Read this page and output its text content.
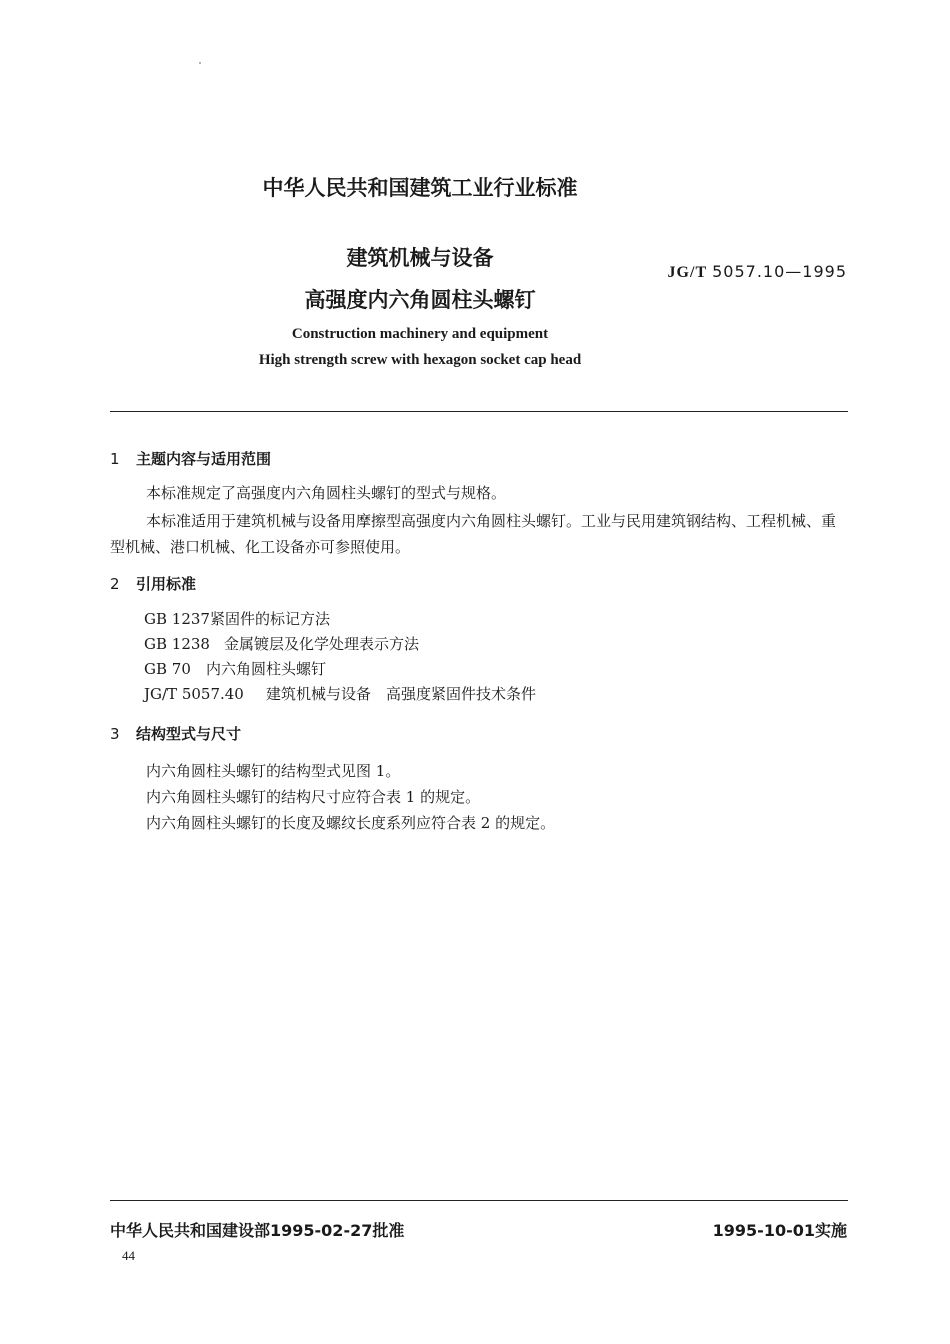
中华人民共和国建筑工业行业标准
建筑机械与设备
高强度内六角圆柱头螺钉
JG/T 5057.10—1995
Construction machinery and equipment
High strength screw with hexagon socket cap head
1 主题内容与适用范围
本标准规定了高强度内六角圆柱头螺钉的型式与规格。
本标准适用于建筑机械与设备用摩擦型高强度内六角圆柱头螺钉。工业与民用建筑钢结构、工程机械、重型机械、港口机械、化工设备亦可参照使用。
2 引用标准
GB 1237紧固件的标记方法
GB 1238 金属镀层及化学处理表示方法
GB 70 内六角圆柱头螺钉
JG/T 5057.40 建筑机械与设备　高强度紧固件技术条件
3 结构型式与尺寸
内六角圆柱头螺钉的结构型式见图 1。
内六角圆柱头螺钉的结构尺寸应符合表 1 的规定。
内六角圆柱头螺钉的长度及螺纹长度系列应符合表 2 的规定。
中华人民共和国建设部1995-02-27批准	1995-10-01实施
44
